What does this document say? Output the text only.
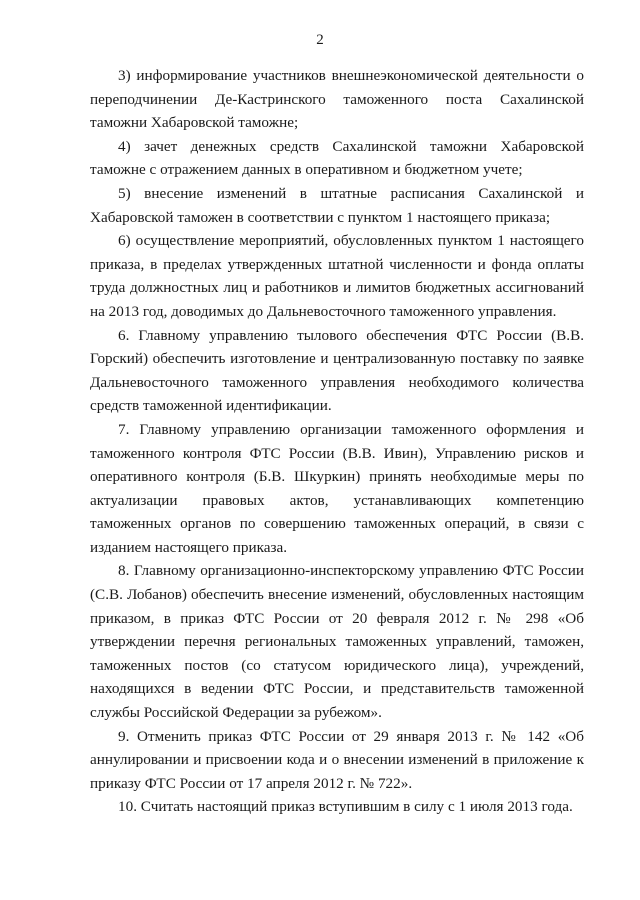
2

3) информирование участников внешнеэкономической деятельности о переподчинении Де-Кастринского таможенного поста Сахалинской таможни Хабаровской таможне;

4) зачет денежных средств Сахалинской таможни Хабаровской таможне с отражением данных в оперативном и бюджетном учете;

5) внесение изменений в штатные расписания Сахалинской и Хабаровской таможен в соответствии с пунктом 1 настоящего приказа;

6) осуществление мероприятий, обусловленных пунктом 1 настоящего приказа, в пределах утвержденных штатной численности и фонда оплаты труда должностных лиц и работников и лимитов бюджетных ассигнований на 2013 год, доводимых до Дальневосточного таможенного управления.

6. Главному управлению тылового обеспечения ФТС России (В.В. Горский) обеспечить изготовление и централизованную поставку по заявке Дальневосточного таможенного управления необходимого количества средств таможенной идентификации.

7. Главному управлению организации таможенного оформления и таможенного контроля ФТС России (В.В. Ивин), Управлению рисков и оперативного контроля (Б.В. Шкуркин) принять необходимые меры по актуализации правовых актов, устанавливающих компетенцию таможенных органов по совершению таможенных операций, в связи с изданием настоящего приказа.

8. Главному организационно-инспекторскому управлению ФТС России (С.В. Лобанов) обеспечить внесение изменений, обусловленных настоящим приказом, в приказ ФТС России от 20 февраля 2012 г. № 298 «Об утверждении перечня региональных таможенных управлений, таможен, таможенных постов (со статусом юридического лица), учреждений, находящихся в ведении ФТС России, и представительств таможенной службы Российской Федерации за рубежом».

9. Отменить приказ ФТС России от 29 января 2013 г. № 142 «Об аннулировании и присвоении кода и о внесении изменений в приложение к приказу ФТС России от 17 апреля 2012 г. № 722».

10. Считать настоящий приказ вступившим в силу с 1 июля 2013 года.
